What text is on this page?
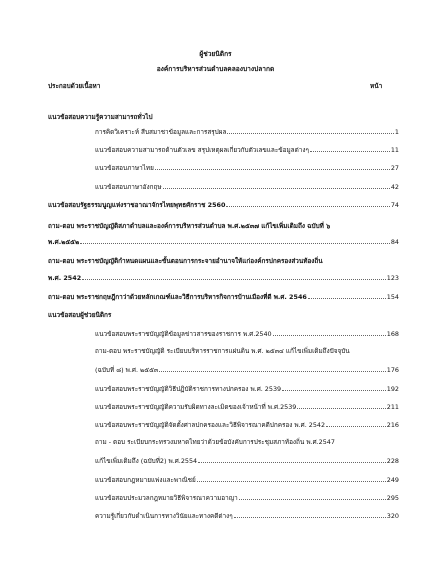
ผู้ช่วยนิติกร
องค์การบริหารส่วนตำบลคลองบางปลากด
ประกอบด้วยเนื้อหา	หน้า
แนวข้อสอบความรู้ความสามารถทั่วไป
การคิดวิเคราะห์ สืบสมาชาข้อมูลและการสรุปผล	1
แนวข้อสอบความสามารถด้านตัวเลข สรุปเหตุผลเกี่ยวกับตัวเลขและข้อมูลต่างๆ	11
แนวข้อสอบภาษาไทย	27
แนวข้อสอบภาษาอังกฤษ	42
แนวข้อสอบรัฐธรรมนูญแห่งราชอาณาจักรไทยพุทธศักราช 2560	74
ถาม-ตอบ พระราชบัญญัติสภาตำบลและองค์การบริหารส่วนตำบล พ.ศ.๒๕๓๗ แก้ไขเพิ่มเติมถึง ฉบับที่ ๖
พ.ศ.๒๕๕๒	84
ถาม-ตอบ พระราชบัญญัติกำหนดแผนและขั้นตอนการกระจายอำนาจให้แก่องค์กรปกครองส่วนท้องถิ่น
พ.ศ. 2542	123
ถาม-ตอบ พระราชกฤษฎีกาว่าด้วยหลักเกณฑ์และวิธีการบริหารกิจการบ้านเมืองที่ดี พ.ศ. 2546	154
แนวข้อสอบผู้ช่วยนิติกร
แนวข้อสอบพระราชบัญญัติข้อมูลข่าวสารของราชการ พ.ศ.2540	168
ถาม-ตอบ พระราชบัญญัติ ระเบียบบริหารราชการแผ่นดิน พ.ศ. ๒๕๓๔ แก้ไขเพิ่มเติมถึงปัจจุบัน
(ฉบับที่ ๘) พ.ศ. ๒๕๕๓	176
แนวข้อสอบพระราชบัญญัติวิธีปฏิบัติราชการทางปกครอง พ.ศ. 2539	192
แนวข้อสอบพระราชบัญญัติความรับผิดทางละเมิดของเจ้าหน้าที่ พ.ศ.2539	211
แนวข้อสอบพระราชบัญญัติจัดตั้งศาลปกครองและวิธีพิจารณาคดีปกครอง พ.ศ. 2542	216
ถาม - ตอบ ระเบียบกระทรวงมหาดไทยว่าด้วยข้อบังคับการประชุมสภาท้องถิ่น พ.ศ.2547
แก้ไขเพิ่มเติมถึง (ฉบับที่2) พ.ศ.2554	228
แนวข้อสอบกฎหมายแพ่งและพาณิชย์	249
แนวข้อสอบประมวลกฎหมายวิธีพิจารณาความอาญา	295
ความรู้เกี่ยวกับดำเนินการทางวินัยและทางคดีต่างๆ	320
